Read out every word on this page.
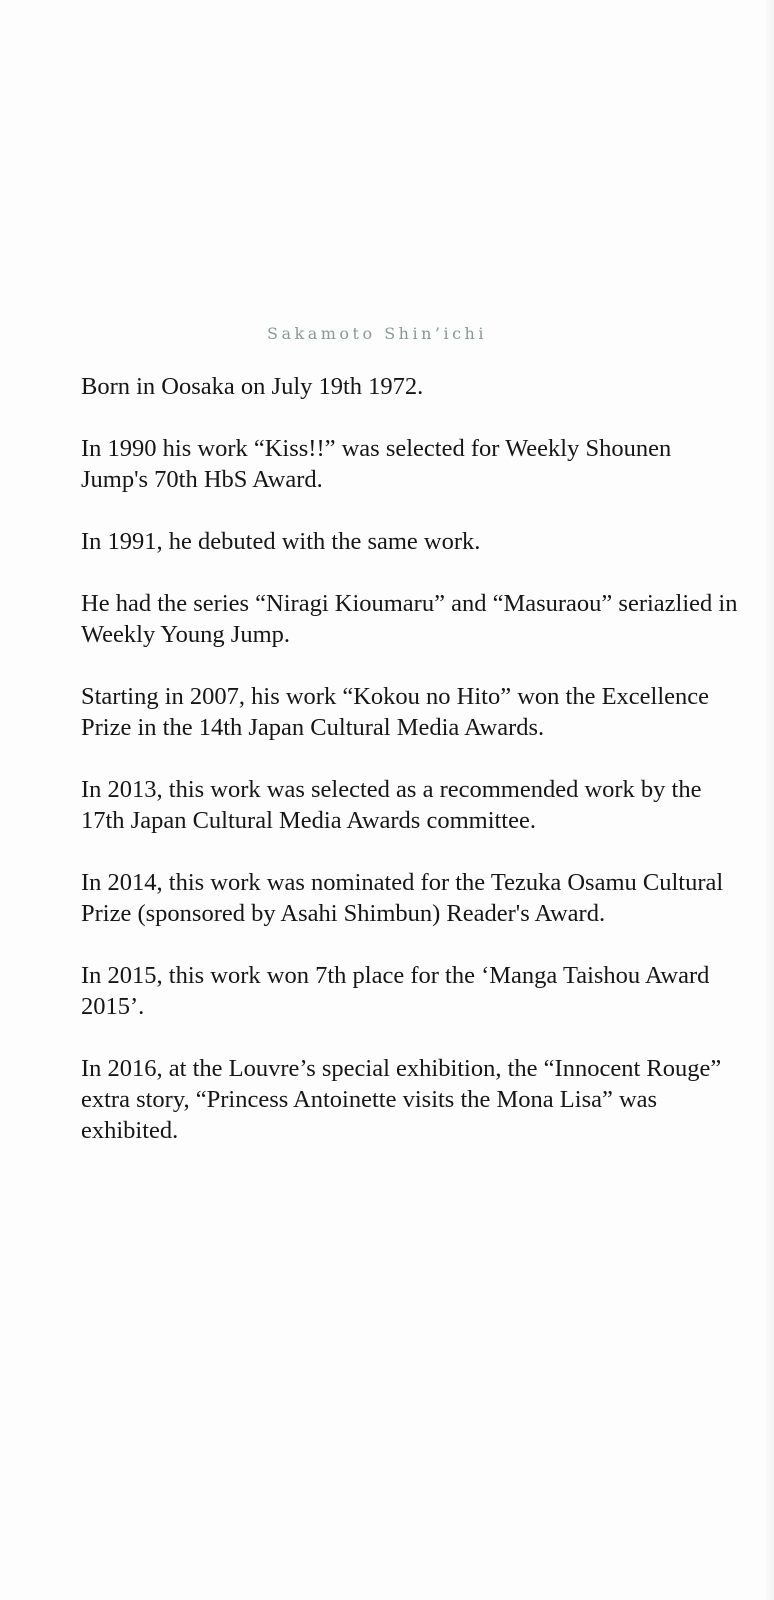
Sakamoto Shin’ichi

Born in Oosaka on July 19th 1972.

In 1990 his work “Kiss!!” was selected for Weekly Shounen Jump's 70th HbS Award.

In 1991, he debuted with the same work.

He had the series “Niragi Kioumaru” and “Masuraou” seriazlied in Weekly Young Jump.

Starting in 2007, his work “Kokou no Hito” won the Excellence Prize in the 14th Japan Cultural Media Awards.

In 2013, this work was selected as a recommended work by the 17th Japan Cultural Media Awards committee.

In 2014, this work was nominated for the Tezuka Osamu Cultural Prize (sponsored by Asahi Shimbun) Reader's Award.

In 2015, this work won 7th place for the ‘Manga Taishou Award 2015’.

In 2016, at the Louvre’s special exhibition, the “Innocent Rouge” extra story, “Princess Antoinette visits the Mona Lisa” was exhibited.
